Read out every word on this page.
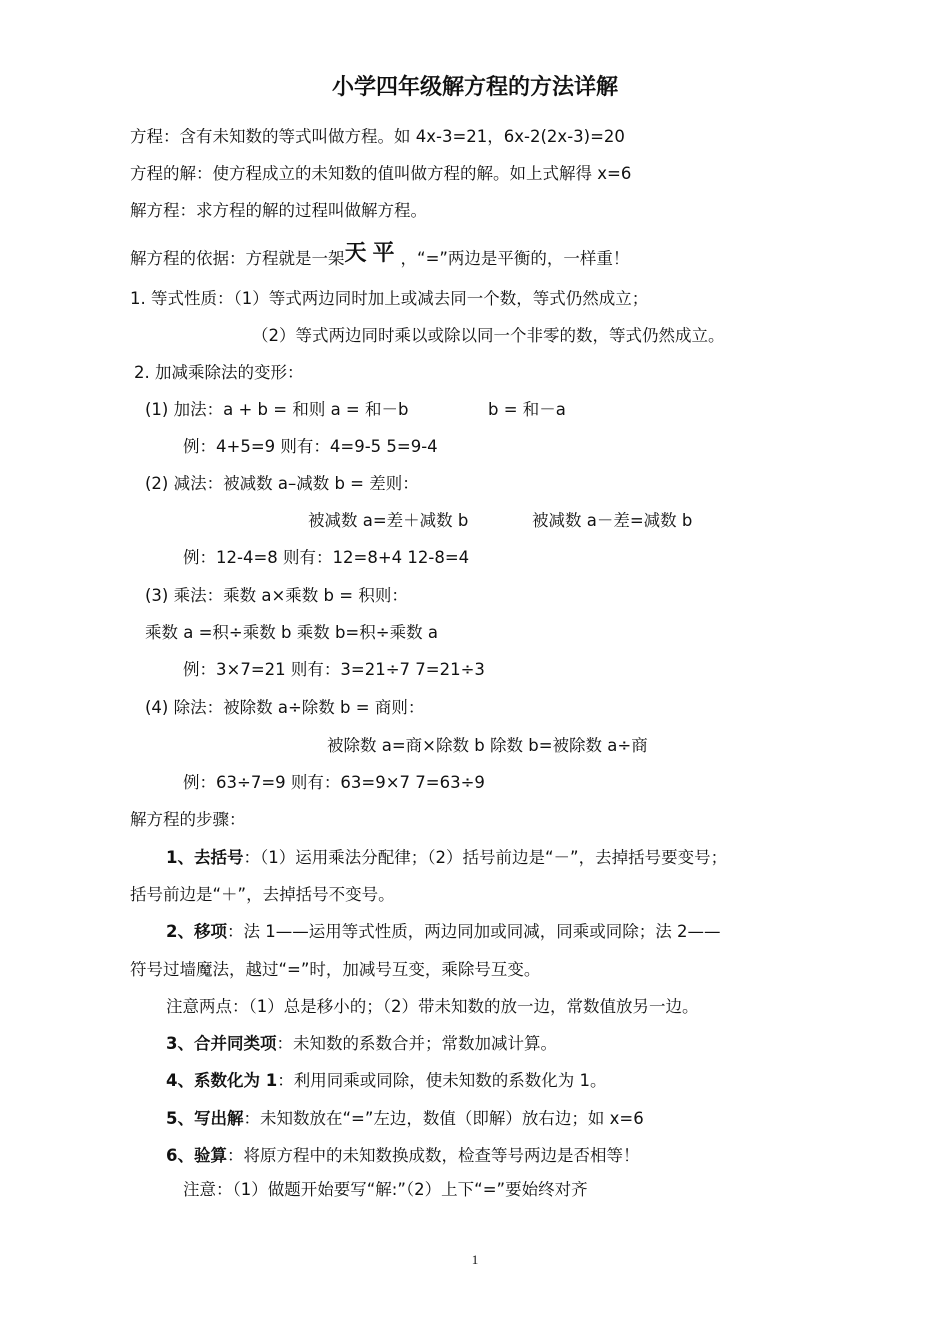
小学四年级解方程的方法详解
方程：含有未知数的等式叫做方程。如 4x-3=21，6x-2(2x-3)=20
方程的解：使方程成立的未知数的值叫做方程的解。如上式解得 x=6
解方程：求方程的解的过程叫做解方程。
解方程的依据：方程就是一架天平，“=”两边是平衡的，一样重！
1. 等式性质：（1）等式两边同时加上或减去同一个数，等式仍然成立；
（2）等式两边同时乘以或除以同一个非零的数，等式仍然成立。
2. 加减乘除法的变形：
(1) 加法：a + b = 和则 a = 和－b	b = 和－a
例：4+5=9 则有：4=9-5 5=9-4
(2) 减法：被减数 a–减数 b = 差则：
被减数 a=差＋减数 b	被减数 a－差=减数 b
例：12-4=8 则有：12=8+4 12-8=4
(3) 乘法：乘数 a×乘数 b = 积则：
乘数 a =积÷乘数 b 乘数 b=积÷乘数 a
例：3×7=21 则有：3=21÷7 7=21÷3
(4) 除法：被除数 a÷除数 b = 商则：
被除数 a=商×除数 b 除数 b=被除数 a÷商
例：63÷7=9 则有：63=9×7 7=63÷9
解方程的步骤：
1、去括号：（1）运用乘法分配律；（2）括号前边是“－”，去掉括号要变号；
括号前边是“＋”，去掉括号不变号。
2、移项：法 1——运用等式性质，两边同加或同减，同乘或同除；法 2——
符号过墙魔法，越过“=”时，加减号互变，乘除号互变。
注意两点：（1）总是移小的；（2）带未知数的放一边，常数值放另一边。
3、合并同类项：未知数的系数合并；常数加减计算。
4、系数化为 1：利用同乘或同除，使未知数的系数化为 1。
5、写出解：未知数放在“=”左边，数值（即解）放右边；如 x=6
6、验算：将原方程中的未知数换成数，检查等号两边是否相等！
注意：（1）做题开始要写“解:”（2）上下“=”要始终对齐
1
